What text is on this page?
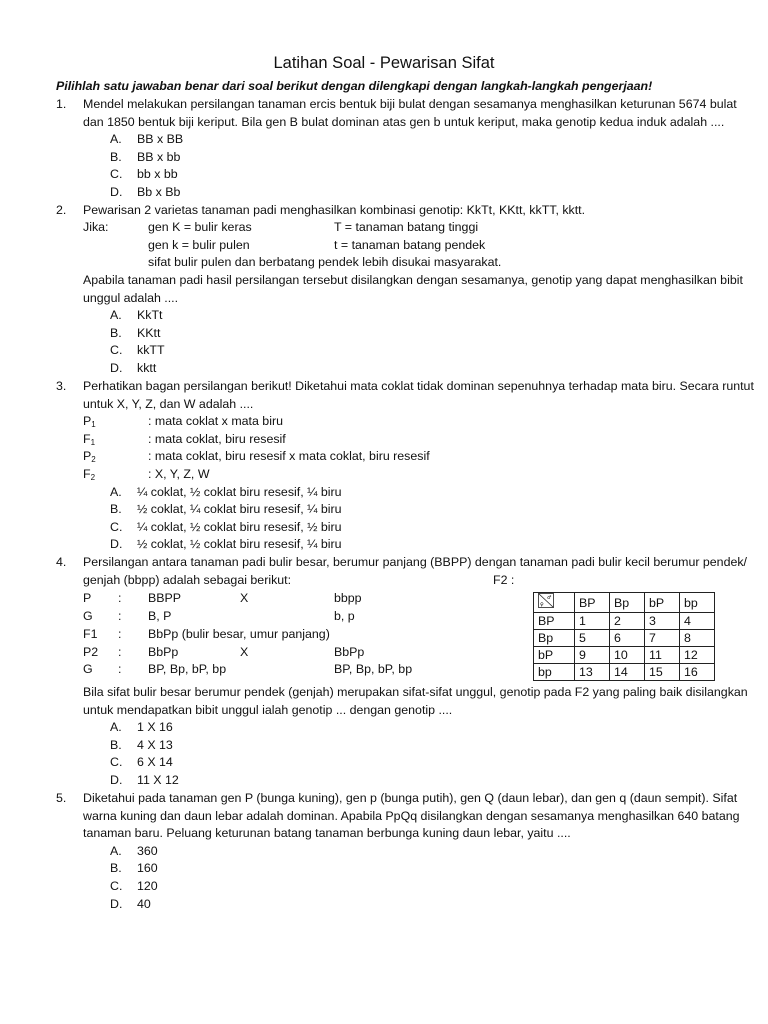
Latihan Soal - Pewarisan Sifat
Pilihlah satu jawaban benar dari soal berikut dengan dilengkapi dengan langkah-langkah pengerjaan!
1. Mendel melakukan persilangan tanaman ercis bentuk biji bulat dengan sesamanya menghasilkan keturunan 5674 bulat
dan 1850 bentuk biji keriput. Bila gen B bulat dominan atas gen b untuk keriput, maka genotip kedua induk adalah ....
A. BB x BB
B. BB x bb
C. bb x bb
D. Bb x Bb
2. Pewarisan 2 varietas tanaman padi menghasilkan kombinasi genotip: KkTt, KKtt, kkTT, kktt.
Jika:	gen K = bulir keras	T = tanaman batang tinggi
gen k = bulir pulen	t = tanaman batang pendek
sifat bulir pulen dan berbatang pendek lebih disukai masyarakat.
Apabila tanaman padi hasil persilangan tersebut disilangkan dengan sesamanya, genotip yang dapat menghasilkan bibit
unggul adalah ....
A. KkTt
B. KKtt
C. kkTT
D. kktt
3. Perhatikan bagan persilangan berikut! Diketahui mata coklat tidak dominan sepenuhnya terhadap mata biru. Secara runtut
untuk X, Y, Z, dan W adalah ....
$P_1$	: mata coklat x mata biru
$F_1$	: mata coklat, biru resesif
$P_2$	: mata coklat, biru resesif x mata coklat, biru resesif
$F_2$	: X, Y, Z, W
A. ¼ coklat, ½ coklat biru resesif, ¼ biru
B. ½ coklat, ¼ coklat biru resesif, ¼ biru
C. ¼ coklat, ½ coklat biru resesif, ½ biru
D. ½ coklat, ½ coklat biru resesif, ¼ biru
4. Persilangan antara tanaman padi bulir besar, berumur panjang (BBPP) dengan tanaman padi bulir kecil berumur pendek/
genjah (bbpp) adalah sebagai berikut:	F2 :
P : BBPP	X	bbpp
G : B, P	b, p
F1 : BbPp (bulir besar, umur panjang)
P2 : BbPp	X	BbPp
G : BP, Bp, bP, bp	BP, Bp, bP, bp
♂
♀	BP	Bp	bP	bp
BP	1	2	3	4
Bp	5	6	7	8
bP	9	10	11	12
bp	13	14	15	16
Bila sifat bulir besar berumur pendek (genjah) merupakan sifat-sifat unggul, genotip pada F2 yang paling baik disilangkan
untuk mendapatkan bibit unggul ialah genotip ... dengan genotip ....
A. 1 X 16
B. 4 X 13
C. 6 X 14
D. 11 X 12
5. Diketahui pada tanaman gen P (bunga kuning), gen p (bunga putih), gen Q (daun lebar), dan gen q (daun sempit). Sifat
warna kuning dan daun lebar adalah dominan. Apabila PpQq disilangkan dengan sesamanya menghasilkan 640 batang
tanaman baru. Peluang keturunan batang tanaman berbunga kuning daun lebar, yaitu ....
A. 360
B. 160
C. 120
D. 40
